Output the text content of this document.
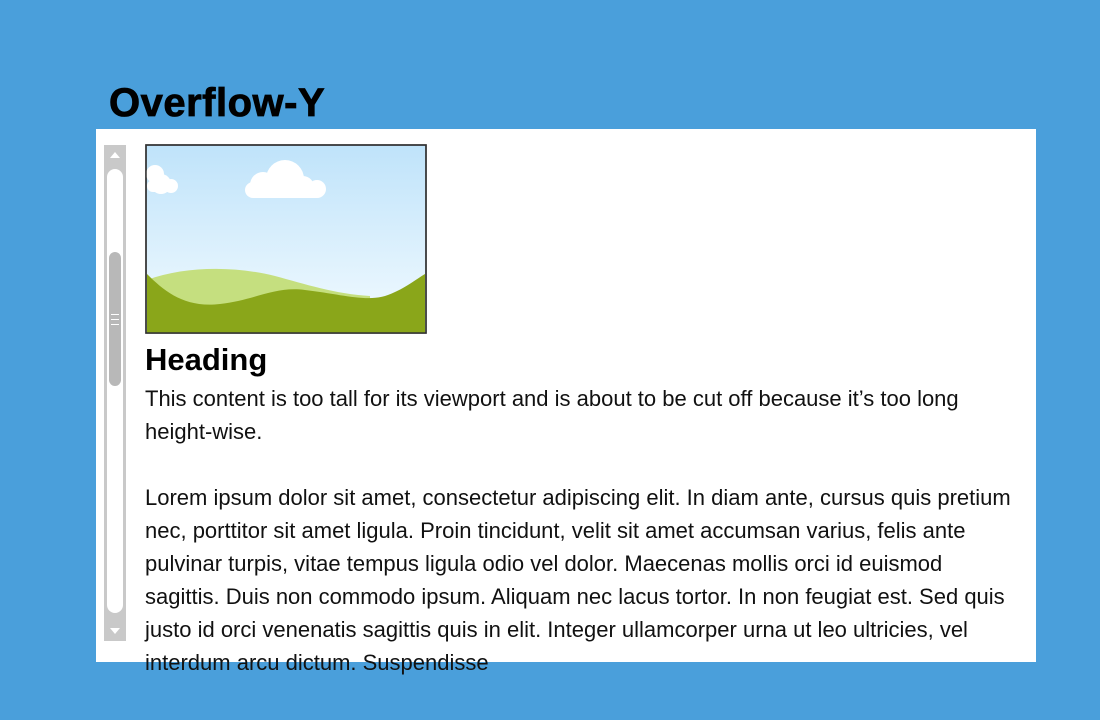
Overflow-Y
Heading

This content is too tall for its viewport and is about to be cut off because it’s too long height-wise.

Lorem ipsum dolor sit amet, consectetur adipiscing elit. In diam ante, cursus quis pretium nec, porttitor sit amet ligula. Proin tincidunt, velit sit amet accumsan varius, felis ante pulvinar turpis, vitae tempus ligula odio vel dolor. Maecenas mollis orci id euismod sagittis. Duis non commodo ipsum. Aliquam nec lacus tortor. In non feugiat est. Sed quis justo id orci venenatis sagittis quis in elit. Integer ullamcorper urna ut leo ultricies, vel interdum arcu dictum. Suspendisse
